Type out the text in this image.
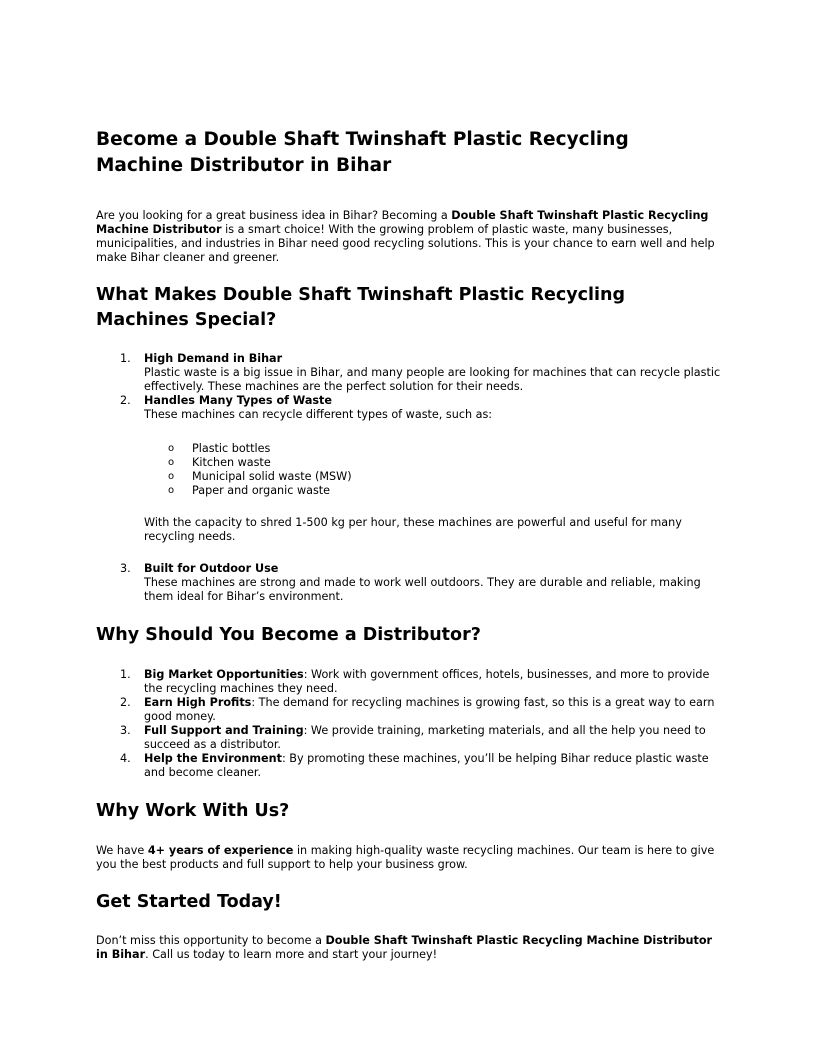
Become a Double Shaft Twinshaft Plastic Recycling Machine Distributor in Bihar

Are you looking for a great business idea in Bihar? Becoming a Double Shaft Twinshaft Plastic Recycling Machine Distributor is a smart choice! With the growing problem of plastic waste, many businesses, municipalities, and industries in Bihar need good recycling solutions. This is your chance to earn well and help make Bihar cleaner and greener.

What Makes Double Shaft Twinshaft Plastic Recycling Machines Special?
1.	High Demand in Bihar
Plastic waste is a big issue in Bihar, and many people are looking for machines that can recycle plastic effectively. These machines are the perfect solution for their needs.
2.	Handles Many Types of Waste
These machines can recycle different types of waste, such as:
o Plastic bottles
o Kitchen waste
o Municipal solid waste (MSW)
o Paper and organic waste
With the capacity to shred 1-500 kg per hour, these machines are powerful and useful for many recycling needs.
3.	Built for Outdoor Use
These machines are strong and made to work well outdoors. They are durable and reliable, making them ideal for Bihar’s environment.
Why Should You Become a Distributor?
1.	Big Market Opportunities: Work with government offices, hotels, businesses, and more to provide the recycling machines they need.
2.	Earn High Profits: The demand for recycling machines is growing fast, so this is a great way to earn good money.
3.	Full Support and Training: We provide training, marketing materials, and all the help you need to succeed as a distributor.
4.	Help the Environment: By promoting these machines, you’ll be helping Bihar reduce plastic waste and become cleaner.
Why Work With Us?

We have 4+ years of experience in making high-quality waste recycling machines. Our team is here to give you the best products and full support to help your business grow.

Get Started Today!

Don’t miss this opportunity to become a Double Shaft Twinshaft Plastic Recycling Machine Distributor in Bihar. Call us today to learn more and start your journey!
